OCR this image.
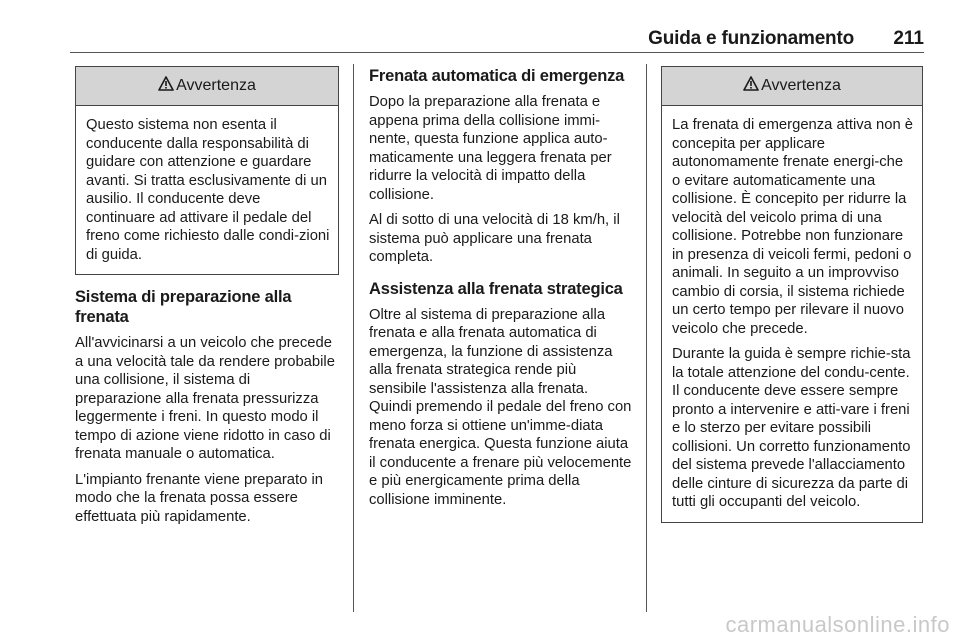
Guida e funzionamento 211
Avvertenza
Questo sistema non esenta il conducente dalla responsabilità di guidare con attenzione e guardare avanti. Si tratta esclusivamente di un ausilio. Il conducente deve continuare ad attivare il pedale del freno come richiesto dalle condi-zioni di guida.
Sistema di preparazione alla frenata

All'avvicinarsi a un veicolo che precede a una velocità tale da rendere probabile una collisione, il sistema di preparazione alla frenata pressurizza leggermente i freni. In questo modo il tempo di azione viene ridotto in caso di frenata manuale o automatica.

L'impianto frenante viene preparato in modo che la frenata possa essere effettuata più rapidamente.

Frenata automatica di emergenza

Dopo la preparazione alla frenata e appena prima della collisione immi-nente, questa funzione applica auto-maticamente una leggera frenata per ridurre la velocità di impatto della collisione.

Al di sotto di una velocità di 18 km/h, il sistema può applicare una frenata completa.

Assistenza alla frenata strategica

Oltre al sistema di preparazione alla frenata e alla frenata automatica di emergenza, la funzione di assistenza alla frenata strategica rende più sensibile l'assistenza alla frenata. Quindi premendo il pedale del freno con meno forza si ottiene un'imme-diata frenata energica. Questa funzione aiuta il conducente a frenare più velocemente e più energicamente prima della collisione imminente.

Avvertenza

La frenata di emergenza attiva non è concepita per applicare autonomamente frenate energi-che o evitare automaticamente una collisione. È concepito per ridurre la velocità del veicolo prima di una collisione. Potrebbe non funzionare in presenza di veicoli fermi, pedoni o animali. In seguito a un improvviso cambio di corsia, il sistema richiede un certo tempo per rilevare il nuovo veicolo che precede.

Durante la guida è sempre richie-sta la totale attenzione del condu-cente. Il conducente deve essere sempre pronto a intervenire e atti-vare i freni e lo sterzo per evitare possibili collisioni. Un corretto funzionamento del sistema prevede l'allacciamento delle cinture di sicurezza da parte di tutti gli occupanti del veicolo.

carmanualsonline.info
